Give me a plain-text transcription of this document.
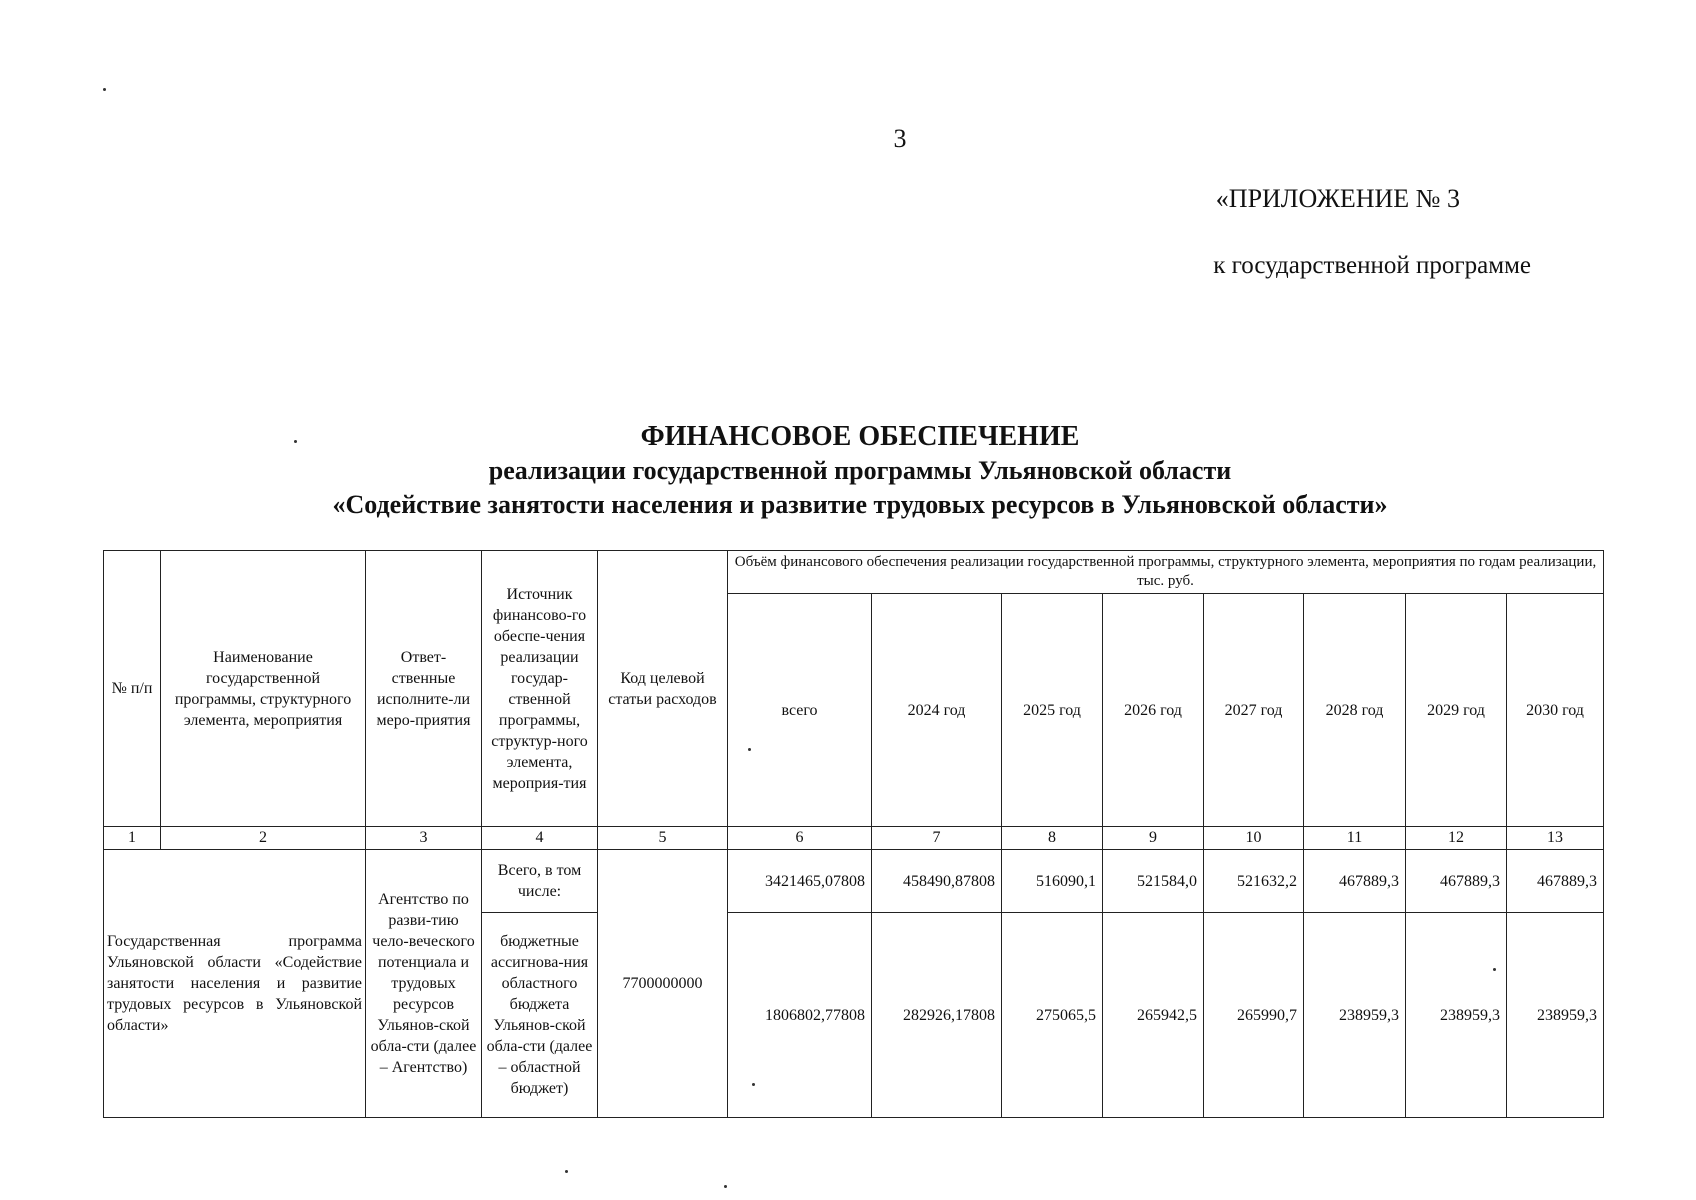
3
«ПРИЛОЖЕНИЕ № 3
к государственной программе
ФИНАНСОВОЕ ОБЕСПЕЧЕНИЕ
реализации государственной программы Ульяновской области
«Содействие занятости населения и развитие трудовых ресурсов в Ульяновской области»
№ п/п	Наименование государственной программы, структурного элемента, мероприятия	Ответ-ственные исполните-ли меро-приятия	Источник финансово-го обеспе-чения реализации государ-ственной программы, структур-ного элемента, мероприя-тия	Код целевой статьи расходов	Объём финансового обеспечения реализации государственной программы, структурного элемента, мероприятия по годам реализации, тыс. руб.							
					всего	2024 год	2025 год	2026 год	2027 год	2028 год	2029 год	2030 год
1	2	3	4	5	6	7	8	9	10	11	12	13
Государственная программа Ульяновской области «Содействие занятости населения и развитие трудовых ресурсов в Ульяновской области»		Агентство по разви-тию чело-веческого потенциала и трудовых ресурсов Ульянов-ской обла-сти (далее – Агентство)	Всего, в том числе:	7700000000	3421465,07808	458490,87808	516090,1	521584,0	521632,2	467889,3	467889,3	467889,3
			бюджетные ассигнова-ния областного бюджета Ульянов-ской обла-сти (далее – областной бюджет)		1806802,77808	282926,17808	275065,5	265942,5	265990,7	238959,3	238959,3	238959,3
